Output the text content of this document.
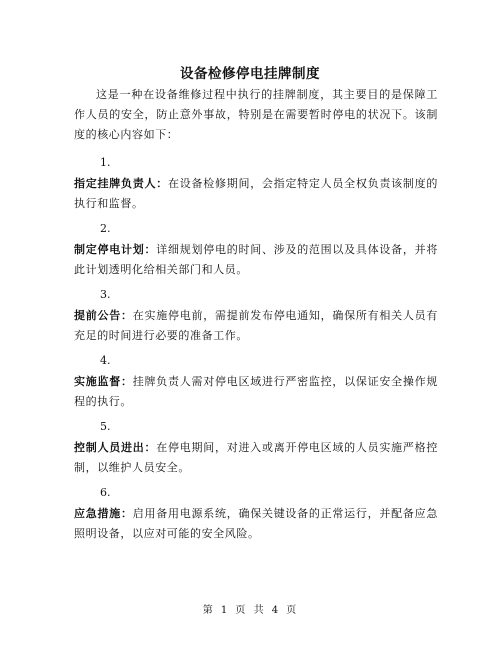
设备检修停电挂牌制度

这是一种在设备维修过程中执行的挂牌制度，其主要目的是保障工作人员的安全，防止意外事故，特别是在需要暂时停电的状况下。该制度的核心内容如下：

1.

指定挂牌负责人：在设备检修期间，会指定特定人员全权负责该制度的执行和监督。

2.

制定停电计划：详细规划停电的时间、涉及的范围以及具体设备，并将此计划透明化给相关部门和人员。

3.

提前公告：在实施停电前，需提前发布停电通知，确保所有相关人员有充足的时间进行必要的准备工作。

4.

实施监督：挂牌负责人需对停电区域进行严密监控，以保证安全操作规程的执行。

5.

控制人员进出：在停电期间，对进入或离开停电区域的人员实施严格控制，以维护人员安全。

6.

应急措施：启用备用电源系统，确保关键设备的正常运行，并配备应急照明设备，以应对可能的安全风险。

第 1 页 共 4 页
